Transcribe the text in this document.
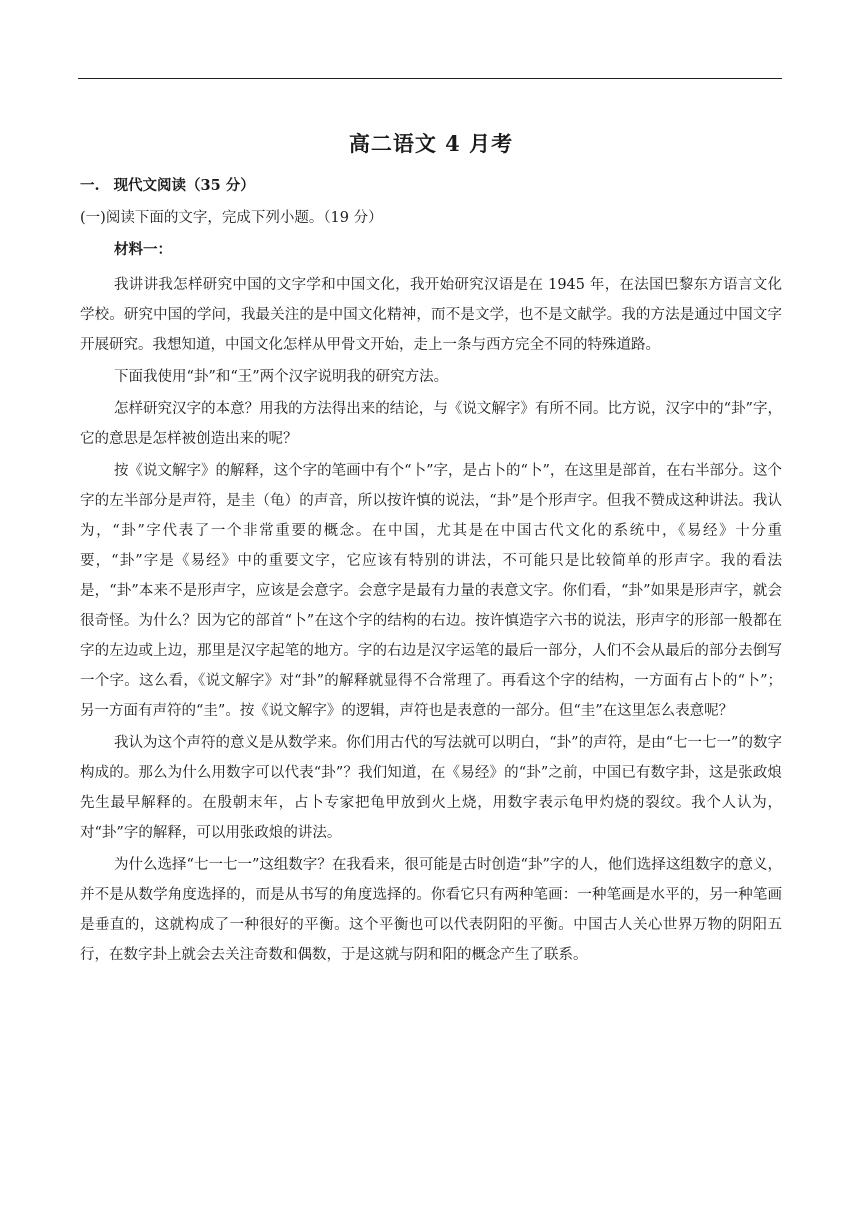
高二语文 4 月考
一. 现代文阅读（35 分）
(一)阅读下面的文字，完成下列小题。（19 分）
材料一：

我讲讲我怎样研究中国的文字学和中国文化，我开始研究汉语是在 1945 年，在法国巴黎东方语言文化学校。研究中国的学问，我最关注的是中国文化精神，而不是文学，也不是文献学。我的方法是通过中国文字开展研究。我想知道，中国文化怎样从甲骨文开始，走上一条与西方完全不同的特殊道路。

下面我使用“卦”和“王”两个汉字说明我的研究方法。

怎样研究汉字的本意？用我的方法得出来的结论，与《说文解字》有所不同。比方说，汉字中的“卦”字，它的意思是怎样被创造出来的呢？

按《说文解字》的解释，这个字的笔画中有个“卜”字，是占卜的“卜”，在这里是部首，在右半部分。这个字的左半部分是声符，是圭（龟）的声音，所以按许慎的说法，“卦”是个形声字。但我不赞成这种讲法。我认为，“卦”字代表了一个非常重要的概念。在中国，尤其是在中国古代文化的系统中，《易经》十分重要，“卦”字是《易经》中的重要文字，它应该有特别的讲法，不可能只是比较简单的形声字。我的看法是，“卦”本来不是形声字，应该是会意字。会意字是最有力量的表意文字。你们看，“卦”如果是形声字，就会很奇怪。为什么？因为它的部首“卜”在这个字的结构的右边。按许慎造字六书的说法，形声字的形部一般都在字的左边或上边，那里是汉字起笔的地方。字的右边是汉字运笔的最后一部分，人们不会从最后的部分去倒写一个字。这么看，《说文解字》对“卦”的解释就显得不合常理了。再看这个字的结构，一方面有占卜的“卜”；另一方面有声符的“圭”。按《说文解字》的逻辑，声符也是表意的一部分。但“圭”在这里怎么表意呢？

我认为这个声符的意义是从数学来。你们用古代的写法就可以明白，“卦”的声符，是由“七一七一”的数字构成的。那么为什么用数字可以代表“卦”？我们知道，在《易经》的“卦”之前，中国已有数字卦，这是张政烺先生最早解释的。在殷朝末年，占卜专家把龟甲放到火上烧，用数字表示龟甲灼烧的裂纹。我个人认为，对“卦”字的解释，可以用张政烺的讲法。

为什么选择“七一七一”这组数字？在我看来，很可能是古时创造“卦”字的人，他们选择这组数字的意义，并不是从数学角度选择的，而是从书写的角度选择的。你看它只有两种笔画：一种笔画是水平的，另一种笔画是垂直的，这就构成了一种很好的平衡。这个平衡也可以代表阴阳的平衡。中国古人关心世界万物的阴阳五行，在数字卦上就会去关注奇数和偶数，于是这就与阴和阳的概念产生了联系。
